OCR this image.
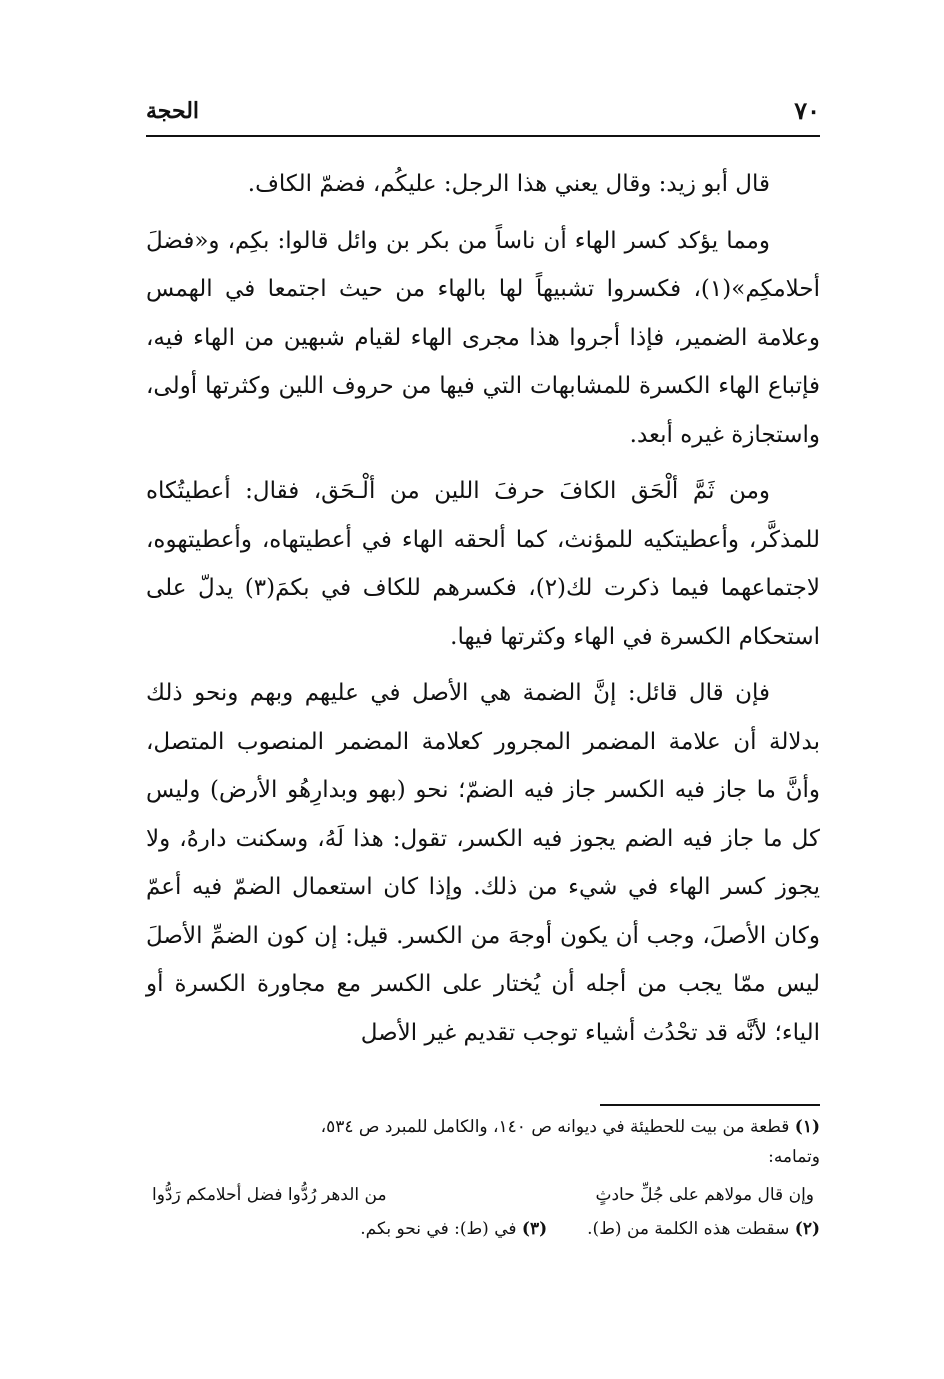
٧٠
الحجة

قال أبو زيد: وقال يعني هذا الرجل: عليكُم، فضمّ الكاف.

ومما يؤكد كسر الهاء أن ناساً من بكر بن وائل قالوا: بكِم، و«فضلَ أحلامكِم»(١)، فكسروا تشبيهاً لها بالهاء من حيث اجتمعا في الهمس وعلامة الضمير، فإذا أجروا هذا مجرى الهاء لقيام شبهين من الهاء فيه، فإتباع الهاء الكسرة للمشابهات التي فيها من حروف اللين وكثرتها أولى، واستجازة غيره أبعد.

ومن ثَمَّ ألْحَق الكافَ حرفَ اللين من ألْـحَق، فقال: أعطيتُكاه للمذكَّر، وأعطيتكيه للمؤنث، كما ألحقه الهاء في أعطيتهاه، وأعطيتهوه، لاجتماعهما فيما ذكرت لك(٢)، فكسرهم للكاف في بكمَ(٣) يدلّ على استحكام الكسرة في الهاء وكثرتها فيها.

فإن قال قائل: إنَّ الضمة هي الأصل في عليهم وبهم ونحو ذلك بدلالة أن علامة المضمر المجرور كعلامة المضمر المنصوب المتصل، وأنَّ ما جاز فيه الكسر جاز فيه الضمّ؛ نحو (بهو وبدارِهُو الأرض) وليس كل ما جاز فيه الضم يجوز فيه الكسر، تقول: هذا لَهُ، وسكنت دارهُ، ولا يجوز كسر الهاء في شيء من ذلك. وإذا كان استعمال الضمّ فيه أعمّ وكان الأصلَ، وجب أن يكون أوجهَ من الكسر. قيل: إن كون الضمِّ الأصلَ ليس ممّا يجب من أجله أن يُختار على الكسر مع مجاورة الكسرة أو الياء؛ لأنَّه قد تحْدُث أشياء توجب تقديم غير الأصل

(١) قطعة من بيت للحطيئة في ديوانه ص ١٤٠، والكامل للمبرد ص ٥٣٤،

وتمامه:

وإن قال مولاهم على جُلِّ حادثٍ
من الدهر رُدُّوا فضل أحلامكم رَدُّوا
(٢) سقطت هذه الكلمة من (ط).
(٣) في (ط): في نحو بكم.
